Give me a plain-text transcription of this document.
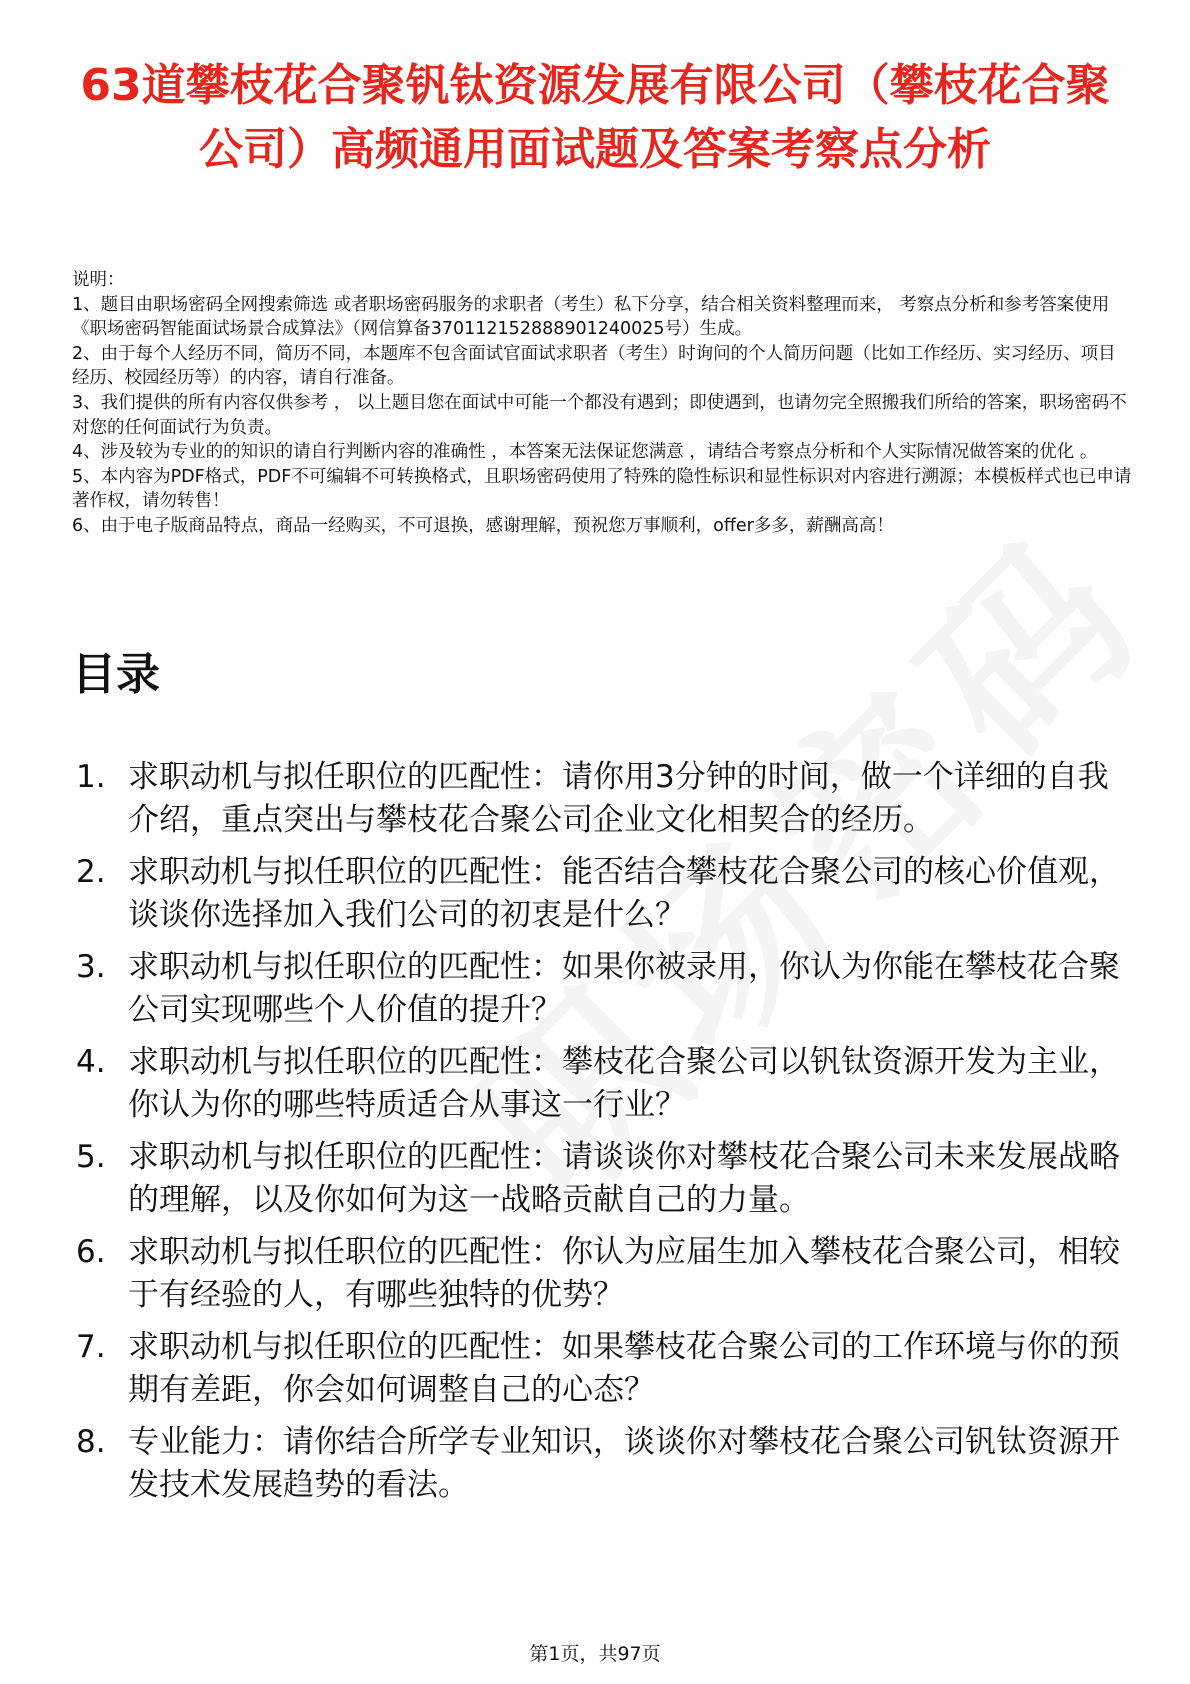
63道攀枝花合聚钒钛资源发展有限公司（攀枝花合聚公司）高频通用面试题及答案考察点分析

说明：

1、题目由职场密码全网搜索筛选 或者职场密码服务的求职者（考生）私下分享，结合相关资料整理而来， 考察点分析和参考答案使用《职场密码智能面试场景合成算法》（网信算备370112152888901240025号）生成。

2、由于每个人经历不同，简历不同，本题库不包含面试官面试求职者（考生）时询问的个人简历问题（比如工作经历、实习经历、项目经历、校园经历等）的内容，请自行准备。

3、我们提供的所有内容仅供参考 ， 以上题目您在面试中可能一个都没有遇到；即使遇到，也请勿完全照搬我们所给的答案，职场密码不对您的任何面试行为负责。

4、涉及较为专业的的知识的请自行判断内容的准确性 ，本答案无法保证您满意 ，请结合考察点分析和个人实际情况做答案的优化 。

5、本内容为PDF格式，PDF不可编辑不可转换格式，且职场密码使用了特殊的隐性标识和显性标识对内容进行溯源；本模板样式也已申请著作权，请勿转售！

6、由于电子版商品特点，商品一经购买，不可退换，感谢理解，预祝您万事顺利，offer多多，薪酬高高！

目录
1. 求职动机与拟任职位的匹配性：请你用3分钟的时间，做一个详细的自我介绍，重点突出与攀枝花合聚公司企业文化相契合的经历。
2. 求职动机与拟任职位的匹配性：能否结合攀枝花合聚公司的核心价值观，谈谈你选择加入我们公司的初衷是什么？
3. 求职动机与拟任职位的匹配性：如果你被录用，你认为你能在攀枝花合聚公司实现哪些个人价值的提升？
4. 求职动机与拟任职位的匹配性：攀枝花合聚公司以钒钛资源开发为主业，你认为你的哪些特质适合从事这一行业？
5. 求职动机与拟任职位的匹配性：请谈谈你对攀枝花合聚公司未来发展战略的理解，以及你如何为这一战略贡献自己的力量。
6. 求职动机与拟任职位的匹配性：你认为应届生加入攀枝花合聚公司，相较于有经验的人，有哪些独特的优势？
7. 求职动机与拟任职位的匹配性：如果攀枝花合聚公司的工作环境与你的预期有差距，你会如何调整自己的心态？
8. 专业能力：请你结合所学专业知识，谈谈你对攀枝花合聚公司钒钛资源开发技术发展趋势的看法。
第1页，共97页
